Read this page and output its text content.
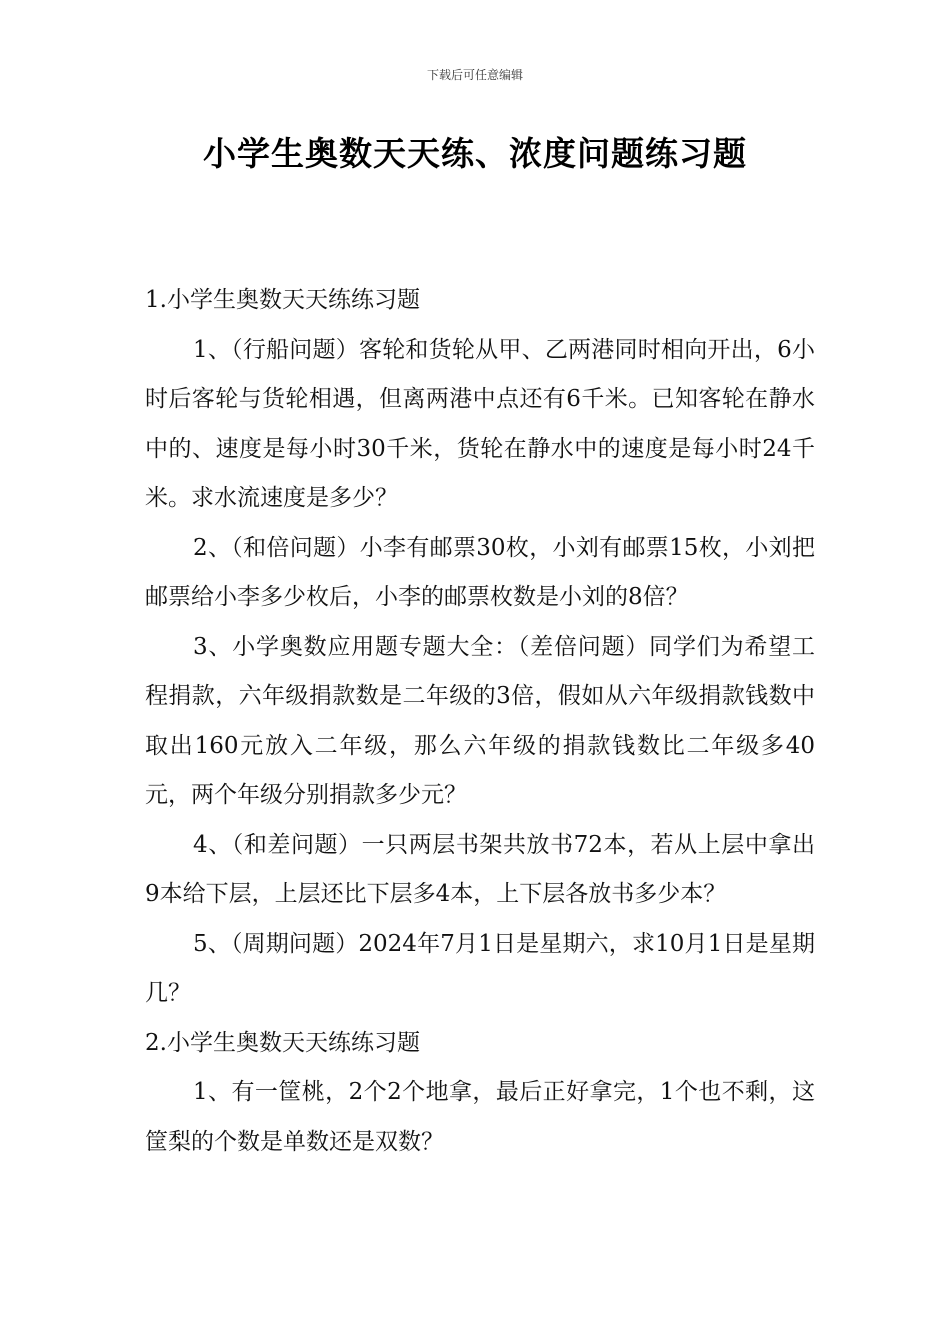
下载后可任意编辑
小学生奥数天天练、浓度问题练习题

1.小学生奥数天天练练习题

1、（行船问题）客轮和货轮从甲、乙两港同时相向开出，6小时后客轮与货轮相遇，但离两港中点还有6千米。已知客轮在静水中的、速度是每小时30千米，货轮在静水中的速度是每小时24千米。求水流速度是多少？

2、（和倍问题）小李有邮票30枚，小刘有邮票15枚，小刘把邮票给小李多少枚后，小李的邮票枚数是小刘的8倍？

3、小学奥数应用题专题大全：（差倍问题）同学们为希望工程捐款，六年级捐款数是二年级的3倍，假如从六年级捐款钱数中取出160元放入二年级，那么六年级的捐款钱数比二年级多40元，两个年级分别捐款多少元？

4、（和差问题）一只两层书架共放书72本，若从上层中拿出9本给下层，上层还比下层多4本，上下层各放书多少本？

5、（周期问题）2024年7月1日是星期六，求10月1日是星期几？

2.小学生奥数天天练练习题

1、有一筐桃，2个2个地拿，最后正好拿完，1个也不剩，这筐梨的个数是单数还是双数？
